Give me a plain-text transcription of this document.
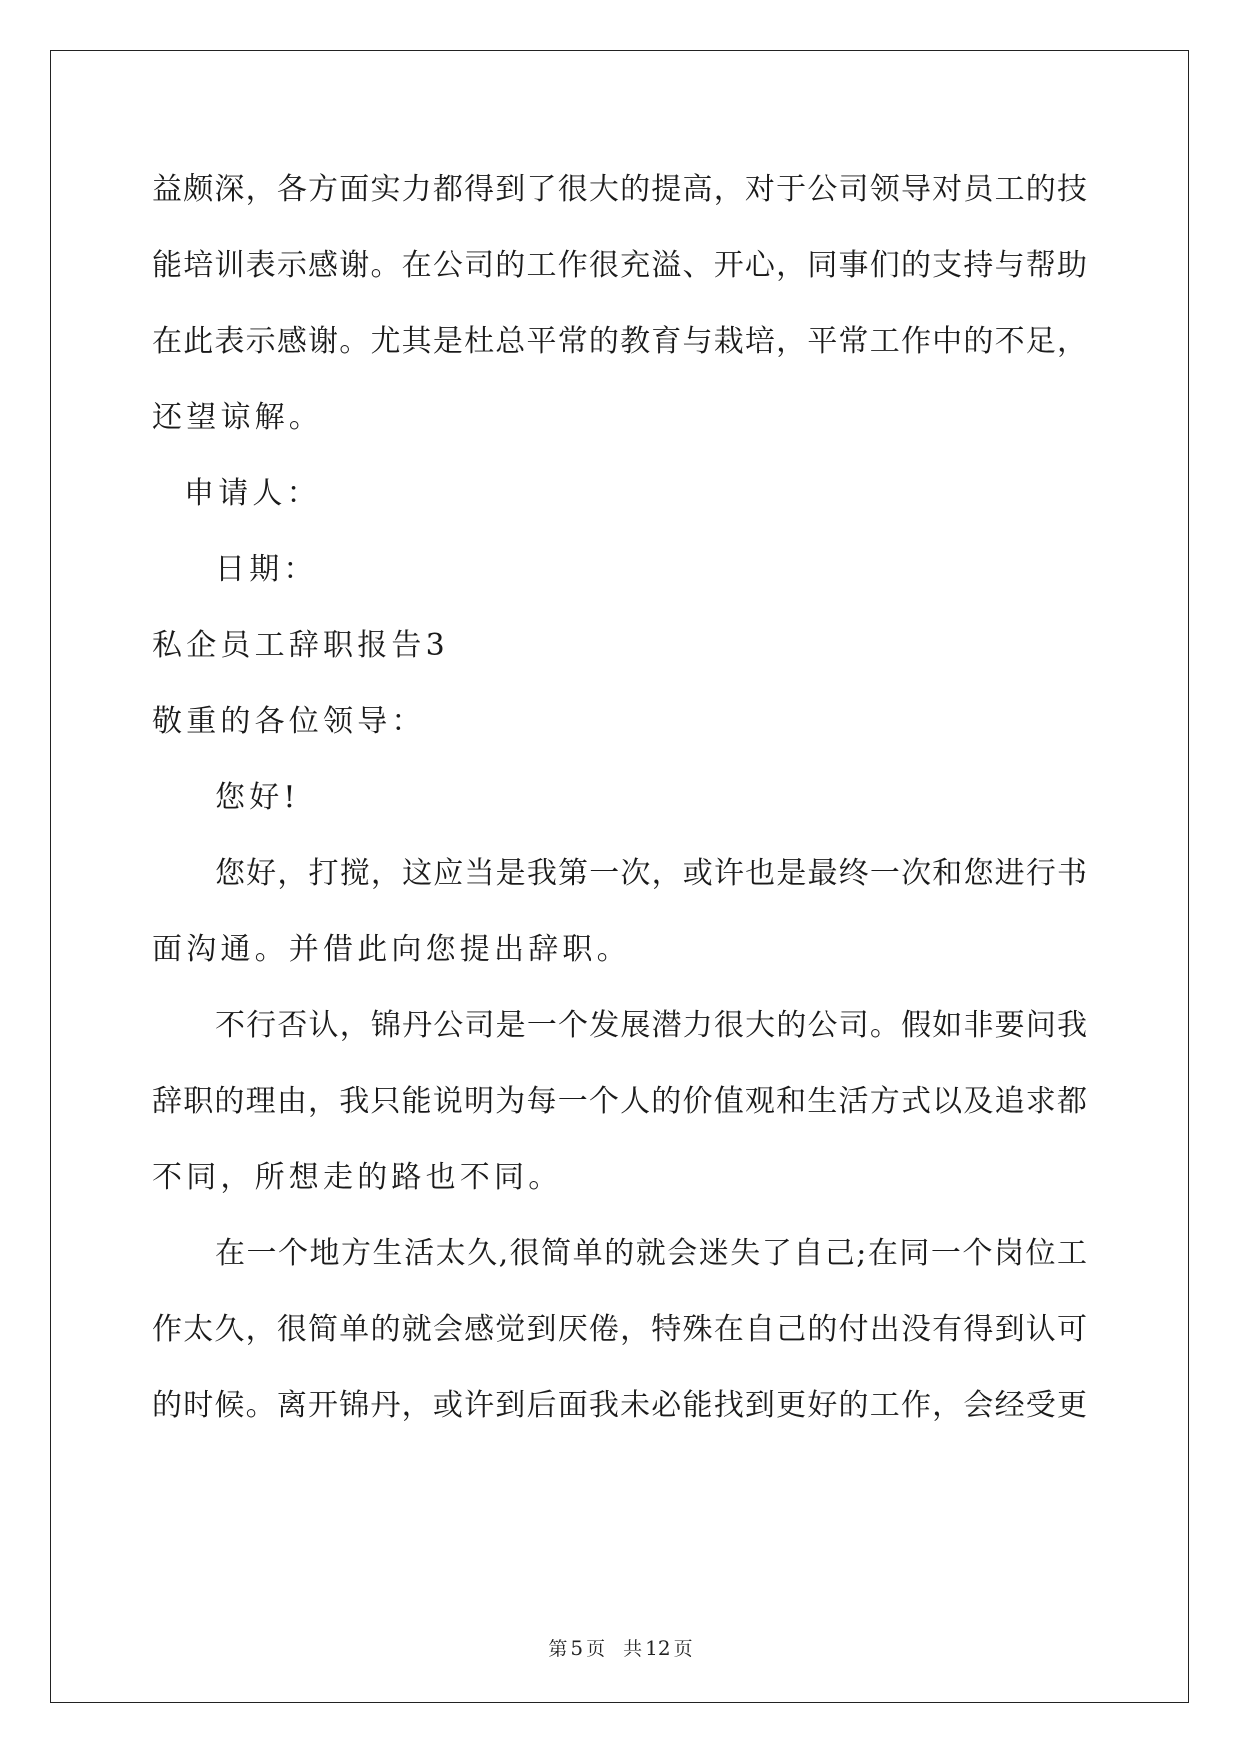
益颇深，各方面实力都得到了很大的提高，对于公司领导对员工的技
能培训表示感谢。在公司的工作很充溢、开心，同事们的支持与帮助
在此表示感谢。尤其是杜总平常的教育与栽培，平常工作中的不足，
还望谅解。
申请人：
日期：
私企员工辞职报告3
敬重的各位领导：
您好!
您好，打搅，这应当是我第一次，或许也是最终一次和您进行书
面沟通。并借此向您提出辞职。
不行否认，锦丹公司是一个发展潜力很大的公司。假如非要问我
辞职的理由，我只能说明为每一个人的价值观和生活方式以及追求都
不同，所想走的路也不同。
在一个地方生活太久,很简单的就会迷失了自己;在同一个岗位工
作太久，很简单的就会感觉到厌倦，特殊在自己的付出没有得到认可
的时候。离开锦丹，或许到后面我未必能找到更好的工作，会经受更
第 5 页 共 12 页
